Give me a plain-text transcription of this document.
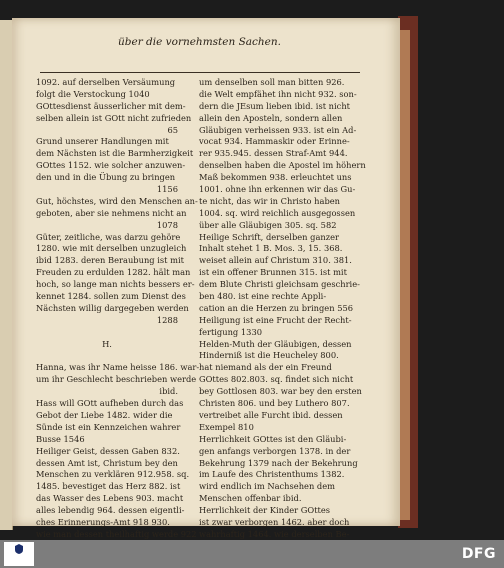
über die vornehmsten Sachen.
1092. auf derselben Versäumung
folgt die Verstockung 1040
GOttesdienst äusserlicher mit dem-
selben allein ist GOtt nicht zufrieden
65
Grund unserer Handlungen mit
dem Nächsten ist die Barmherzigkeit
GOttes 1152. wie solcher anzuwen-
den und in die Übung zu bringen
1156
Gut, höchstes, wird den Menschen an-
geboten, aber sie nehmens nicht an
1078
Güter, zeitliche, was darzu gehöre
1280. wie mit derselben unzugleich
ibid 1283. deren Beraubung ist mit
Freuden zu erdulden 1282. hält man
hoch, so lange man nichts bessers er-
kennet 1284. sollen zum Dienst des
Nächsten willig dargegeben werden
1288
H.
Hanna, was ihr Name heisse 186. war-
um ihr Geschlecht beschrieben werde
ibid.
Hass will GOtt aufheben durch das
Gebot der Liebe 1482. wider die
Sünde ist ein Kennzeichen wahrer
Busse 1546
Heiliger Geist, dessen Gaben 832.
dessen Amt ist, Christum bey den
Menschen zu verklären 912.958. sq.
1485. bevestiget das Herz 882. ist
das Wasser des Lebens 903. macht
alles lebendig 964. dessen eigentli-
ches Erinnerungs-Amt 918 930.
wie man dessen theilhaftig werde 922
um denselben soll man bitten 926.
die Welt empfähet ihn nicht 932. son-
dern die JEsum lieben ibid. ist nicht
allein den Aposteln, sondern allen
Gläubigen verheissen 933. ist ein Ad-
vocat 934. Hammaskir oder Erinne-
rer 935.945. dessen Straf-Amt 944.
denselben haben die Apostel im höhern
Maß bekommen 938. erleuchtet uns
1001. ohne ihn erkennen wir das Gu-
te nicht, das wir in Christo haben
1004. sq. wird reichlich ausgegossen
über alle Gläubigen 305. sq. 582
Heilige Schrift, derselben ganzer
Inhalt stehet 1 B. Mos. 3, 15. 368.
weiset allein auf Christum 310. 381.
ist ein offener Brunnen 315. ist mit
dem Blute Christi gleichsam geschrie-
ben 480. ist eine rechte Appli-
cation an die Herzen zu bringen 556
Heiligung ist eine Frucht der Recht-
fertigung 1330
Helden-Muth der Gläubigen, dessen
Hinderniß ist die Heucheley 800.
hat niemand als der ein Freund
GOttes 802.803. sq. findet sich nicht
bey Gottlosen 803. war bey den ersten
Christen 806. und bey Luthero 807.
vertreibet alle Furcht ibid. dessen
Exempel 810
Herrlichkeit GOttes ist den Gläubi-
gen anfangs verborgen 1378. in der
Bekehrung 1379 nach der Bekehrung
im Laufe des Christenthums 1382.
wird endlich im Nachsehen dem
Menschen offenbar ibid.
Herrlichkeit der Kinder GOttes
ist zwar verborgen 1462. aber doch
wahrhaftig 1464. wie derselben Be-
DFG
